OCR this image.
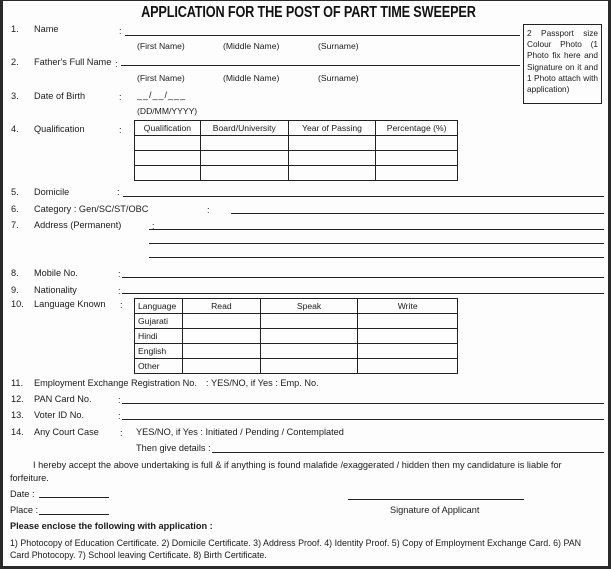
APPLICATION FOR THE POST OF PART TIME SWEEPER
2 Passport size Colour Photo (1 Photo fix here and Signature on it and 1 Photo attach with application)
1. Name	:
(First Name)	(Middle Name)	(Surname)
2. Father's Full Name :
(First Name)	(Middle Name)	(Surname)
3. Date of Birth	: __/__/___
(DD/MM/YYYY)
4. Qualification	:	Qualification	Board/University	Year of Passing	Percentage (%)

5. Domicile	:
6. Category : Gen/SC/ST/OBC	:
7. Address (Permanent)	:
8. Mobile No.	:
9. Nationality	:
10. Language Known : Language	Read	Speak	Write
Gujarati			
Hindi			
English			
Other			
11. Employment Exchange Registration No. : YES/NO, if Yes : Emp. No.
12. PAN Card No.	:
13. Voter ID No.	:
14. Any Court Case : YES/NO, if Yes : Initiated / Pending / Contemplated
Then give details :
I hereby accept the above undertaking is full & if anything is found malafide /exaggerated / hidden then my candidature is liable for
forfeiture.
Date :
Place :	Signature of Applicant
Please enclose the following with application :
1) Photocopy of Education Certificate. 2) Domicile Certificate. 3) Address Proof. 4) Identity Proof. 5) Copy of Employment Exchange Card. 6) PAN
Card Photocopy. 7) School leaving Certificate. 8) Birth Certificate.
